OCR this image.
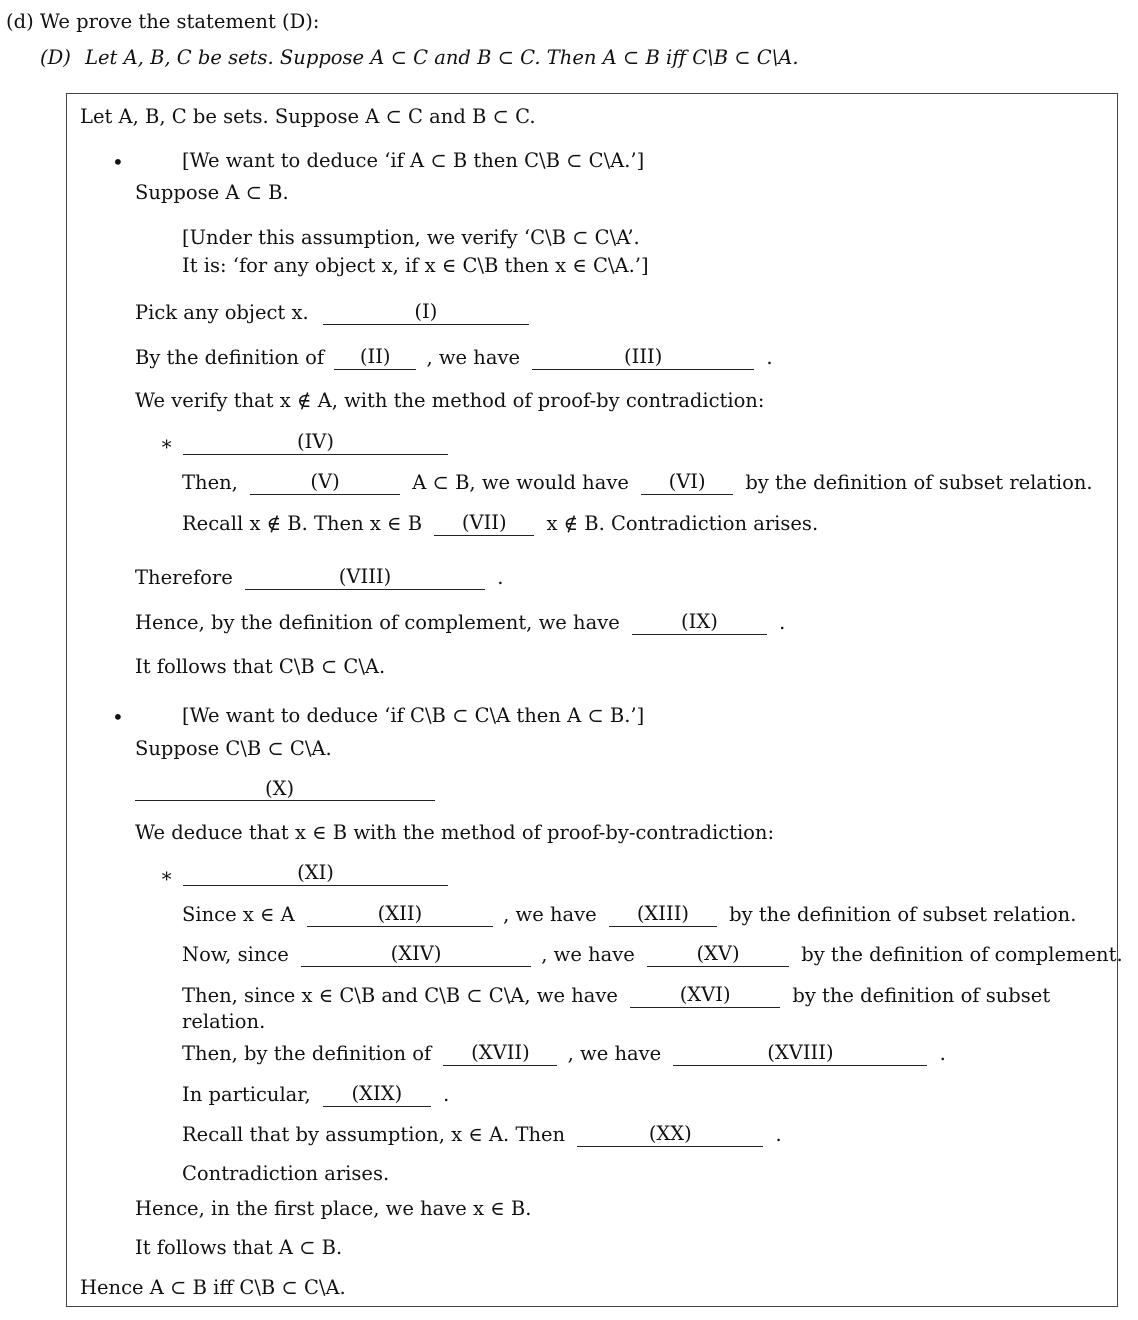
(d) We prove the statement (D):
(D) Let A, B, C be sets. Suppose A ⊂ C and B ⊂ C. Then A ⊂ B iff C\B ⊂ C\A.
Let A, B, C be sets. Suppose A ⊂ C and B ⊂ C.
•	[We want to deduce ‘if A ⊂ B then C\B ⊂ C\A.’]
Suppose A ⊂ B.
[Under this assumption, we verify ‘C\B ⊂ C\A’.
It is: ‘for any object x, if x ∈ C\B then x ∈ C\A.’]
Pick any object x.	(I)
By the definition of (II) , we have	(III)	.
We verify that x ∉ A, with the method of proof-by contradiction:
∗	(IV)
Then,	(V)	A ⊂ B, we would have (VI) by the definition of subset relation.
Recall x ∉ B. Then x ∈ B (VII) x ∉ B. Contradiction arises.
Therefore	(VIII)	.
Hence, by the definition of complement, we have	(IX)	.
It follows that C\B ⊂ C\A.
•	[We want to deduce ‘if C\B ⊂ C\A then A ⊂ B.’]
Suppose C\B ⊂ C\A.
(X)
We deduce that x ∈ B with the method of proof-by-contradiction:
∗	(XI)
Since x ∈ A	(XII)	, we have (XIII) by the definition of subset relation.
Now, since	(XIV)	, we have	(XV)	by the definition of complement.
Then, since x ∈ C\B and C\B ⊂ C\A, we have	(XVI)	by the definition of subset
relation.
Then, by the definition of (XVII) , we have	(XVIII)	.
In particular, (XIX) .
Recall that by assumption, x ∈ A. Then	(XX)	.
Contradiction arises.
Hence, in the first place, we have x ∈ B.
It follows that A ⊂ B.
Hence A ⊂ B iff C\B ⊂ C\A.
